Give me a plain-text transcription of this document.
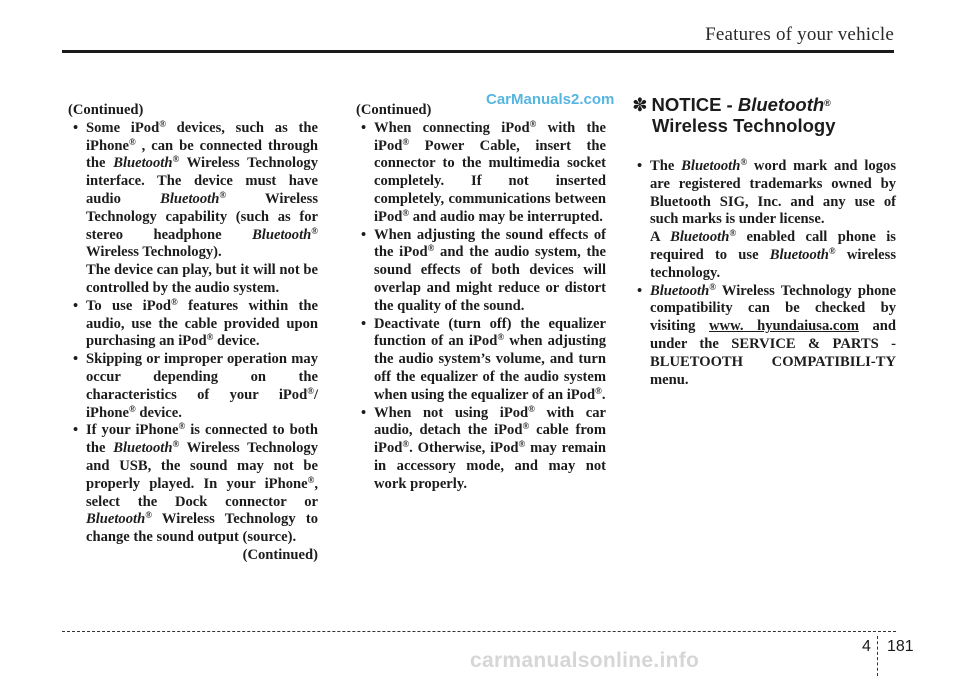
Features of your vehicle
CarManuals2.com

(Continued)

• Some iPod® devices, such as the iPhone® , can be connected through the Bluetooth® Wireless Technology interface. The device must have audio Bluetooth® Wireless Technology capability (such as for stereo headphone Bluetooth® Wireless Technology).
The device can play, but it will not be controlled by the audio system.
• To use iPod® features within the audio, use the cable provided upon purchasing an iPod® device.
• Skipping or improper operation may occur depending on the characteristics of your iPod®/ iPhone® device.
• If your iPhone® is connected to both the Bluetooth® Wireless Technology and USB, the sound may not be properly played. In your iPhone®, select the Dock connector or Bluetooth® Wireless Technology to change the sound output (source).

(Continued)

(Continued)

• When connecting iPod® with the iPod® Power Cable, insert the connector to the multimedia socket completely. If not inserted completely, communications between iPod® and audio may be interrupted.
• When adjusting the sound effects of the iPod® and the audio system, the sound effects of both devices will overlap and might reduce or distort the quality of the sound.
• Deactivate (turn off) the equalizer function of an iPod® when adjusting the audio system’s volume, and turn off the equalizer of the audio system when using the equalizer of an iPod®.
• When not using iPod® with car audio, detach the iPod® cable from iPod®. Otherwise, iPod® may remain in accessory mode, and may not work properly.
✽ NOTICE - Bluetooth®
Wireless Technology
• The Bluetooth® word mark and logos are registered trademarks owned by Bluetooth SIG, Inc. and any use of such marks is under license.
A Bluetooth® enabled call phone is required to use Bluetooth® wireless technology.
• Bluetooth® Wireless Technology phone compatibility can be checked by visiting www. hyundaiusa.com and under the SERVICE & PARTS - BLUETOOTH COMPATIBILI-TY menu.
4 181
carmanualsonline.info
